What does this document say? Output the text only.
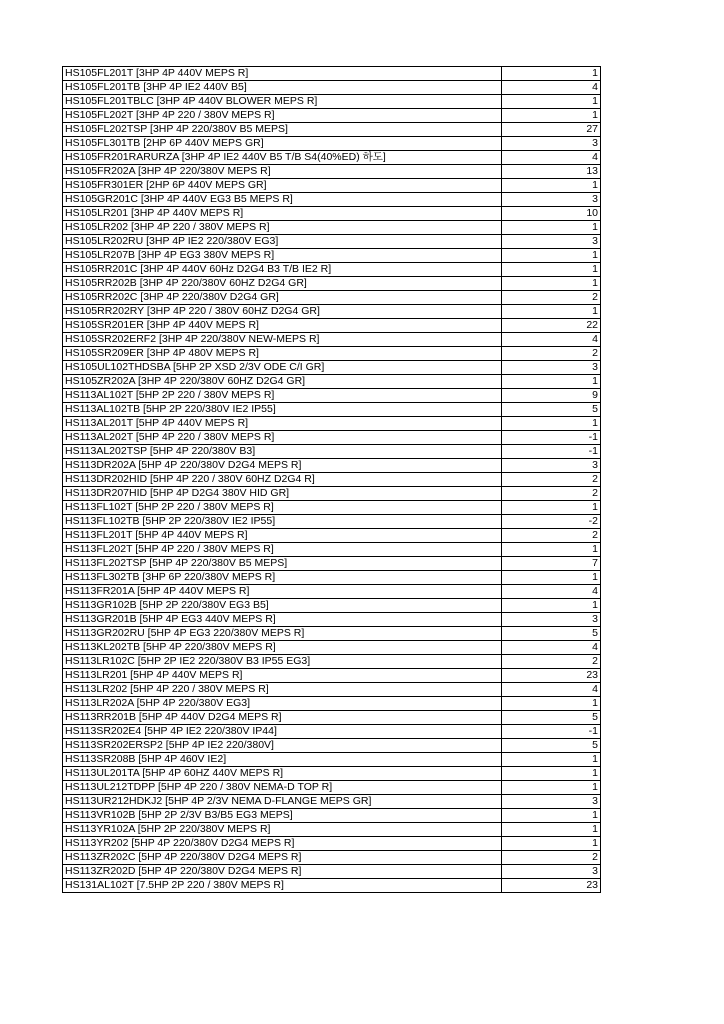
HS105FL201T [3HP 4P 440V MEPS R]	1
HS105FL201TB [3HP 4P IE2 440V B5]	4
HS105FL201TBLC [3HP 4P 440V BLOWER MEPS R]	1
HS105FL202T [3HP 4P 220 / 380V MEPS R]	1
HS105FL202TSP [3HP 4P 220/380V B5 MEPS]	27
HS105FL301TB [2HP 6P 440V MEPS GR]	3
HS105FR201RARURZA [3HP 4P IE2 440V B5 T/B S4(40%ED) 하도]	4
HS105FR202A [3HP 4P 220/380V MEPS R]	13
HS105FR301ER [2HP 6P 440V MEPS GR]	1
HS105GR201C [3HP 4P 440V EG3 B5 MEPS R]	3
HS105LR201 [3HP 4P 440V MEPS R]	10
HS105LR202 [3HP 4P 220 / 380V MEPS R]	1
HS105LR202RU [3HP 4P IE2 220/380V EG3]	3
HS105LR207B [3HP 4P EG3 380V MEPS R]	1
HS105RR201C [3HP 4P 440V 60Hz D2G4 B3 T/B IE2 R]	1
HS105RR202B [3HP 4P 220/380V 60HZ D2G4 GR]	1
HS105RR202C [3HP 4P 220/380V D2G4 GR]	2
HS105RR202RY [3HP 4P 220 / 380V 60HZ D2G4 GR]	1
HS105SR201ER [3HP 4P 440V MEPS R]	22
HS105SR202ERF2 [3HP 4P 220/380V NEW-MEPS R]	4
HS105SR209ER [3HP 4P 480V MEPS R]	2
HS105UL102THDSBA [5HP 2P XSD 2/3V ODE C/I GR]	3
HS105ZR202A [3HP 4P 220/380V 60HZ D2G4 GR]	1
HS113AL102T [5HP 2P 220 / 380V MEPS R]	9
HS113AL102TB [5HP 2P 220/380V IE2 IP55]	5
HS113AL201T [5HP 4P 440V MEPS R]	1
HS113AL202T [5HP 4P 220 / 380V MEPS R]	-1
HS113AL202TSP [5HP 4P 220/380V B3]	-1
HS113DR202A [5HP 4P 220/380V D2G4 MEPS R]	3
HS113DR202HID [5HP 4P 220 / 380V 60HZ D2G4 R]	2
HS113DR207HID [5HP 4P D2G4 380V HID GR]	2
HS113FL102T [5HP 2P 220 / 380V MEPS R]	1
HS113FL102TB [5HP 2P 220/380V IE2 IP55]	-2
HS113FL201T [5HP 4P 440V MEPS R]	2
HS113FL202T [5HP 4P 220 / 380V MEPS R]	1
HS113FL202TSP [5HP 4P 220/380V B5 MEPS]	7
HS113FL302TB [3HP 6P 220/380V MEPS R]	1
HS113FR201A [5HP 4P 440V MEPS R]	4
HS113GR102B [5HP 2P 220/380V EG3 B5]	1
HS113GR201B [5HP 4P EG3 440V MEPS R]	3
HS113GR202RU [5HP 4P EG3 220/380V MEPS R]	5
HS113KL202TB [5HP 4P 220/380V MEPS R]	4
HS113LR102C [5HP 2P IE2 220/380V B3 IP55 EG3]	2
HS113LR201 [5HP 4P 440V MEPS R]	23
HS113LR202 [5HP 4P 220 / 380V MEPS R]	4
HS113LR202A [5HP 4P 220/380V EG3]	1
HS113RR201B [5HP 4P 440V D2G4 MEPS R]	5
HS113SR202E4 [5HP 4P IE2 220/380V IP44]	-1
HS113SR202ERSP2 [5HP 4P IE2 220/380V]	5
HS113SR208B [5HP 4P 460V IE2]	1
HS113UL201TA [5HP 4P 60HZ 440V MEPS R]	1
HS113UL212TDPP [5HP 4P 220 / 380V NEMA-D TOP R]	1
HS113UR212HDKJ2 [5HP 4P 2/3V NEMA D-FLANGE MEPS GR]	3
HS113VR102B [5HP 2P 2/3V B3/B5 EG3 MEPS]	1
HS113YR102A [5HP 2P 220/380V MEPS R]	1
HS113YR202 [5HP 4P 220/380V D2G4 MEPS R]	1
HS113ZR202C [5HP 4P 220/380V D2G4 MEPS R]	2
HS113ZR202D [5HP 4P 220/380V D2G4 MEPS R]	3
HS131AL102T [7.5HP 2P 220 / 380V MEPS R]	23
